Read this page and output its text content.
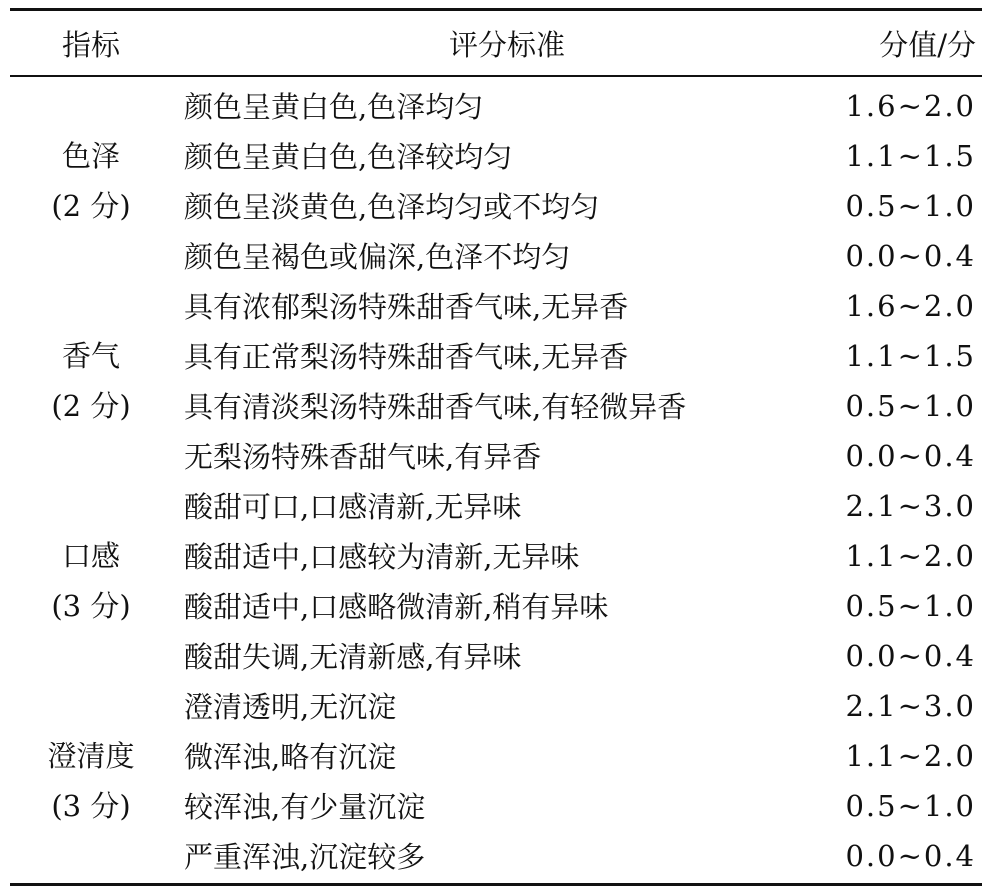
指标	评分标准	分值/分
色泽
(2 分)
颜色呈黄白色,色泽均匀	1.6~2.0
颜色呈黄白色,色泽较均匀	1.1~1.5
颜色呈淡黄色,色泽均匀或不均匀	0.5~1.0
颜色呈褐色或偏深,色泽不均匀	0.0~0.4
香气
(2 分)
具有浓郁梨汤特殊甜香气味,无异香	1.6~2.0
具有正常梨汤特殊甜香气味,无异香	1.1~1.5
具有清淡梨汤特殊甜香气味,有轻微异香	0.5~1.0
无梨汤特殊香甜气味,有异香	0.0~0.4
口感
(3 分)
酸甜可口,口感清新,无异味	2.1~3.0
酸甜适中,口感较为清新,无异味	1.1~2.0
酸甜适中,口感略微清新,稍有异味	0.5~1.0
酸甜失调,无清新感,有异味	0.0~0.4
澄清度
(3 分)
澄清透明,无沉淀	2.1~3.0
微浑浊,略有沉淀	1.1~2.0
较浑浊,有少量沉淀	0.5~1.0
严重浑浊,沉淀较多	0.0~0.4
